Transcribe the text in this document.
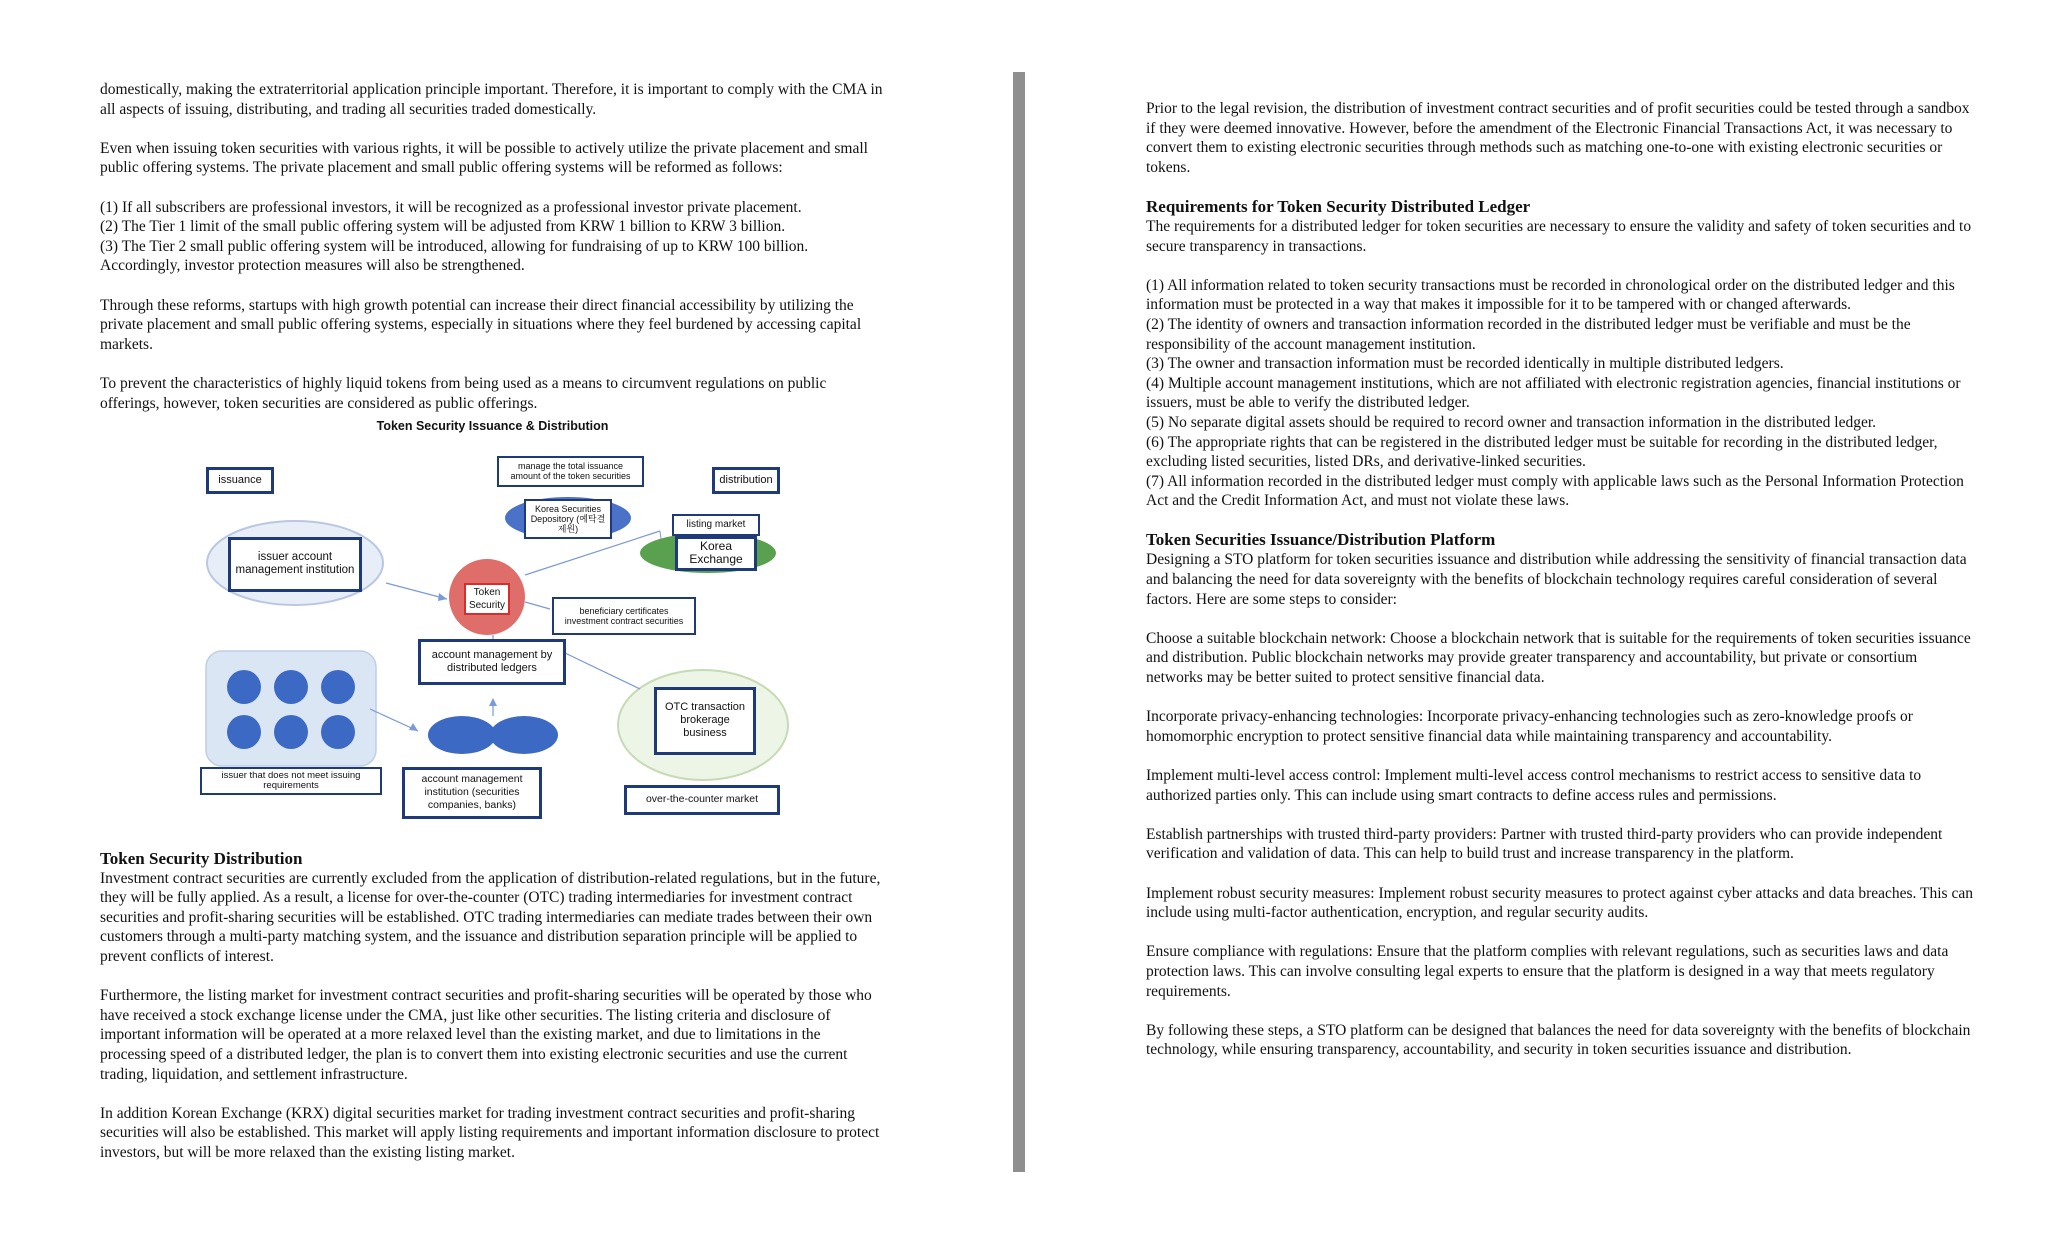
domestically, making the extraterritorial application principle important. Therefore, it is important to comply with the CMA in all aspects of issuing, distributing, and trading all securities traded domestically.

Even when issuing token securities with various rights, it will be possible to actively utilize the private placement and small public offering systems. The private placement and small public offering systems will be reformed as follows:

(1) If all subscribers are professional investors, it will be recognized as a professional investor private placement.

(2) The Tier 1 limit of the small public offering system will be adjusted from KRW 1 billion to KRW 3 billion.

(3) The Tier 2 small public offering system will be introduced, allowing for fundraising of up to KRW 100 billion.

Accordingly, investor protection measures will also be strengthened.

Through these reforms, startups with high growth potential can increase their direct financial accessibility by utilizing the private placement and small public offering systems, especially in situations where they feel burdened by accessing capital markets.

To prevent the characteristics of highly liquid tokens from being used as a means to circumvent regulations on public offerings, however, token securities are considered as public offerings.

Token Security Issuance & Distribution
issuance	distribution
manage the total issuance amount of the token securities
Korea Securities Depository (예탁결제원)	listing market
Korea Exchange
issuer account management institution
Token Security	beneficiary certificates investment contract securities
account management by distributed ledgers
OTC transaction brokerage business
issuer that does not meet issuing requirements	account management institution (securities companies, banks)	over-the-counter market
Token Security Distribution

Investment contract securities are currently excluded from the application of distribution-related regulations, but in the future, they will be fully applied. As a result, a license for over-the-counter (OTC) trading intermediaries for investment contract securities and profit-sharing securities will be established. OTC trading intermediaries can mediate trades between their own customers through a multi-party matching system, and the issuance and distribution separation principle will be applied to prevent conflicts of interest.

Furthermore, the listing market for investment contract securities and profit-sharing securities will be operated by those who have received a stock exchange license under the CMA, just like other securities. The listing criteria and disclosure of important information will be operated at a more relaxed level than the existing market, and due to limitations in the processing speed of a distributed ledger, the plan is to convert them into existing electronic securities and use the current trading, liquidation, and settlement infrastructure.

In addition Korean Exchange (KRX) digital securities market for trading investment contract securities and profit-sharing securities will also be established. This market will apply listing requirements and important information disclosure to protect investors, but will be more relaxed than the existing listing market.

Prior to the legal revision, the distribution of investment contract securities and of profit securities could be tested through a sandbox if they were deemed innovative. However, before the amendment of the Electronic Financial Transactions Act, it was necessary to convert them to existing electronic securities through methods such as matching one-to-one with existing electronic securities or tokens.

Requirements for Token Security Distributed Ledger

The requirements for a distributed ledger for token securities are necessary to ensure the validity and safety of token securities and to secure transparency in transactions.

(1) All information related to token security transactions must be recorded in chronological order on the distributed ledger and this information must be protected in a way that makes it impossible for it to be tampered with or changed afterwards.

(2) The identity of owners and transaction information recorded in the distributed ledger must be verifiable and must be the responsibility of the account management institution.

(3) The owner and transaction information must be recorded identically in multiple distributed ledgers.

(4) Multiple account management institutions, which are not affiliated with electronic registration agencies, financial institutions or issuers, must be able to verify the distributed ledger.

(5) No separate digital assets should be required to record owner and transaction information in the distributed ledger.

(6) The appropriate rights that can be registered in the distributed ledger must be suitable for recording in the distributed ledger, excluding listed securities, listed DRs, and derivative-linked securities.

(7) All information recorded in the distributed ledger must comply with applicable laws such as the Personal Information Protection Act and the Credit Information Act, and must not violate these laws.

Token Securities Issuance/Distribution Platform

Designing a STO platform for token securities issuance and distribution while addressing the sensitivity of financial transaction data and balancing the need for data sovereignty with the benefits of blockchain technology requires careful consideration of several factors. Here are some steps to consider:

Choose a suitable blockchain network: Choose a blockchain network that is suitable for the requirements of token securities issuance and distribution. Public blockchain networks may provide greater transparency and accountability, but private or consortium networks may be better suited to protect sensitive financial data.

Incorporate privacy-enhancing technologies: Incorporate privacy-enhancing technologies such as zero-knowledge proofs or homomorphic encryption to protect sensitive financial data while maintaining transparency and accountability.

Implement multi-level access control: Implement multi-level access control mechanisms to restrict access to sensitive data to authorized parties only. This can include using smart contracts to define access rules and permissions.

Establish partnerships with trusted third-party providers: Partner with trusted third-party providers who can provide independent verification and validation of data. This can help to build trust and increase transparency in the platform.

Implement robust security measures: Implement robust security measures to protect against cyber attacks and data breaches. This can include using multi-factor authentication, encryption, and regular security audits.

Ensure compliance with regulations: Ensure that the platform complies with relevant regulations, such as securities laws and data protection laws. This can involve consulting legal experts to ensure that the platform is designed in a way that meets regulatory requirements.

By following these steps, a STO platform can be designed that balances the need for data sovereignty with the benefits of blockchain technology, while ensuring transparency, accountability, and security in token securities issuance and distribution.
